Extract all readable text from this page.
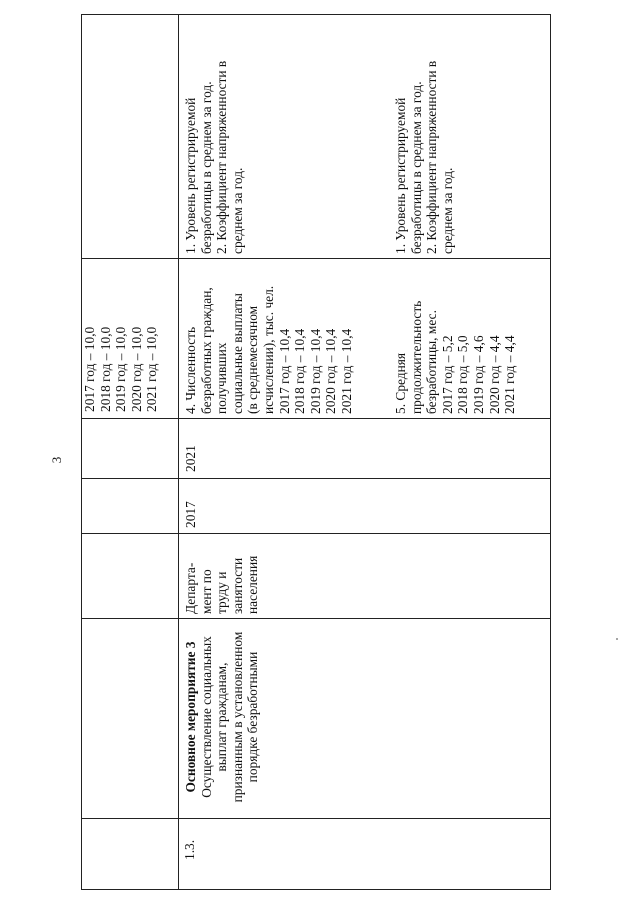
3
2017 год – 10,0 2018 год – 10,0 2019 год – 10,0 2020 год – 10,0 2021 год – 10,0
1.3.
Основное мероприятие 3 Осуществление социальных выплат гражданам, признанным в установленном порядке безработными
Департа- мент по труду и занятости населения
2017
2021
4. Численность безработных граждан, получивших социальные выплаты (в среднемесячном исчислении), тыс. чел. 2017 год – 10,4 2018 год – 10,4 2019 год – 10,4 2020 год – 10,4 2021 год – 10,4	5. Средняя продолжительность безработицы, мес. 2017 год – 5,2 2018 год – 5,0 2019 год – 4,6 2020 год – 4,4 2021 год – 4,4
1. Уровень регистрируемой безработицы в среднем за год. 2. Коэффициент напряженности в среднем за год.	1. Уровень регистрируемой безработицы в среднем за год. 2. Коэффициент напряженности в среднем за год.
